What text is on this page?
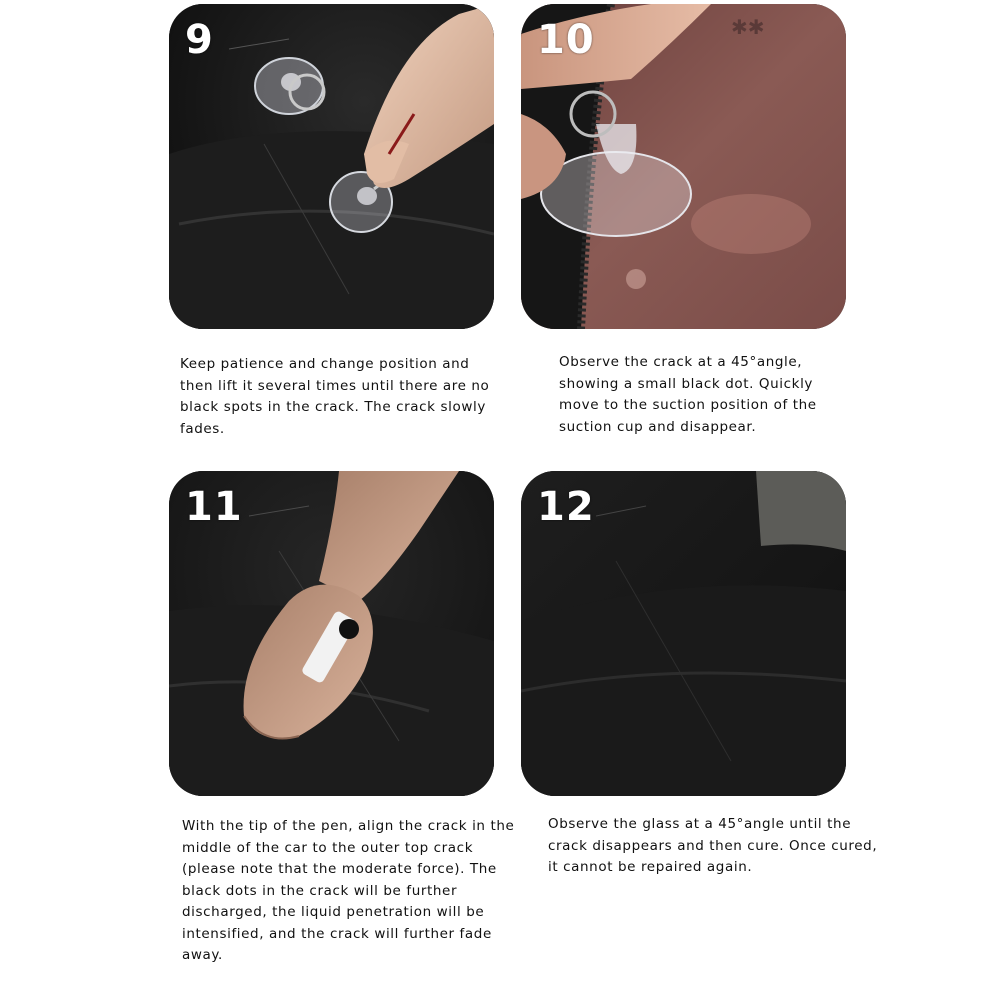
9	✱✱
10
11	12

Keep patience and change position and then lift it several times until there are no black spots in the crack. The crack slowly fades.

Observe the crack at a 45°angle, showing a small black dot. Quickly move to the suction position of the suction cup and disappear.

With the tip of the pen, align the crack in the middle of the car to the outer top crack (please note that the moderate force). The black dots in the crack will be further discharged, the liquid penetration will be intensified, and the crack will further fade away.

Observe the glass at a 45°angle until the crack disappears and then cure. Once cured, it cannot be repaired again.
